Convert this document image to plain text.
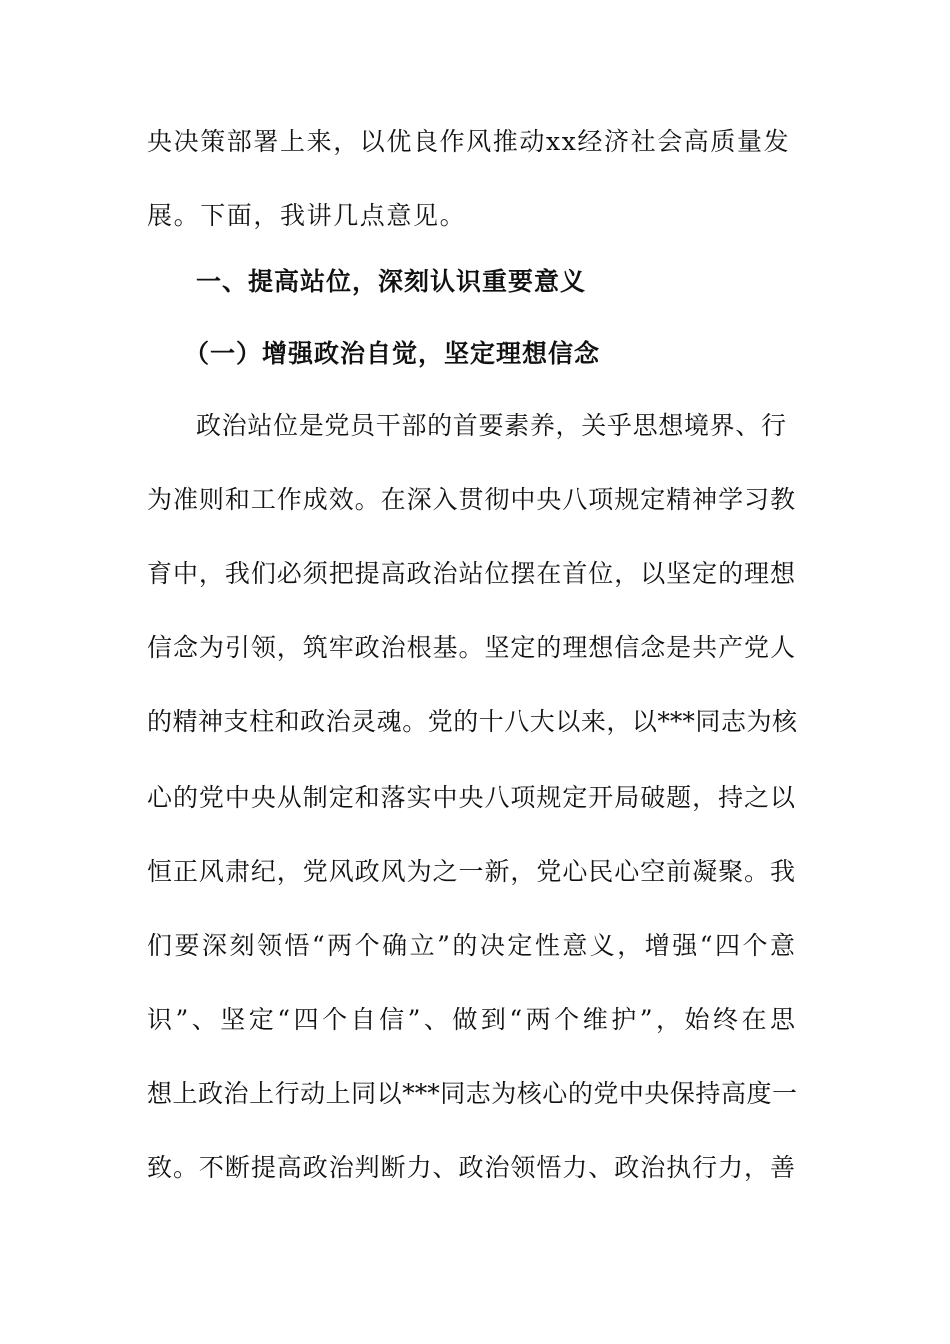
央决策部署上来，以优良作风推动xx经济社会高质量发
展。下面，我讲几点意见。
一、提高站位，深刻认识重要意义
（一）增强政治自觉，坚定理想信念
政治站位是党员干部的首要素养，关乎思想境界、行
为准则和工作成效。在深入贯彻中央八项规定精神学习教
育中，我们必须把提高政治站位摆在首位，以坚定的理想
信念为引领，筑牢政治根基。坚定的理想信念是共产党人
的精神支柱和政治灵魂。党的十八大以来，以***同志为核
心的党中央从制定和落实中央八项规定开局破题，持之以
恒正风肃纪，党风政风为之一新，党心民心空前凝聚。我
们要深刻领悟“两个确立”的决定性意义，增强“四个意
识”、坚定“四个自信”、做到“两个维护”，始终在思
想上政治上行动上同以***同志为核心的党中央保持高度一
致。不断提高政治判断力、政治领悟力、政治执行力，善
